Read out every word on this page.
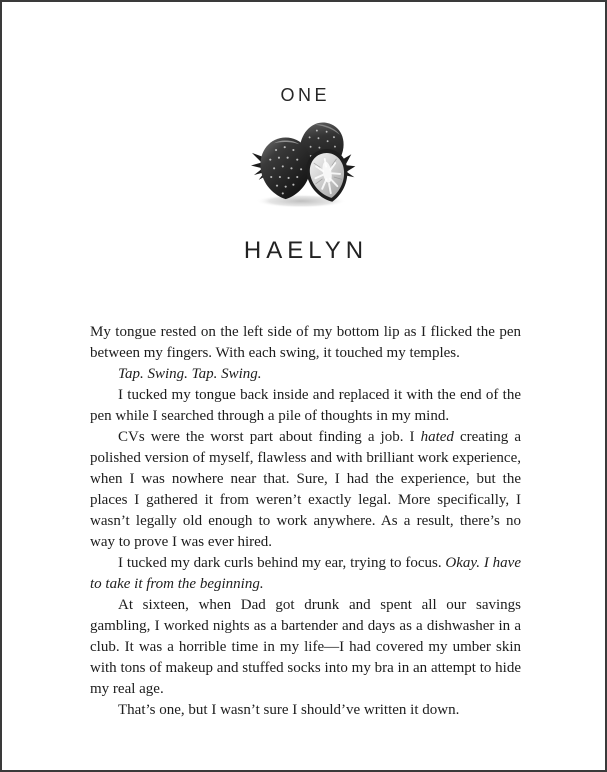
ONE
HAELYN

My tongue rested on the left side of my bottom lip as I flicked the pen between my fingers. With each swing, it touched my temples.

Tap. Swing. Tap. Swing.

I tucked my tongue back inside and replaced it with the end of the pen while I searched through a pile of thoughts in my mind.

CVs were the worst part about finding a job. I hated creating a polished version of myself, flawless and with brilliant work experience, when I was nowhere near that. Sure, I had the experience, but the places I gathered it from weren’t exactly legal. More specifically, I wasn’t legally old enough to work anywhere. As a result, there’s no way to prove I was ever hired.

I tucked my dark curls behind my ear, trying to focus. Okay. I have to take it from the beginning.

At sixteen, when Dad got drunk and spent all our savings gambling, I worked nights as a bartender and days as a dishwasher in a club. It was a horrible time in my life—I had covered my umber skin with tons of makeup and stuffed socks into my bra in an attempt to hide my real age.

That’s one, but I wasn’t sure I should’ve written it down.
